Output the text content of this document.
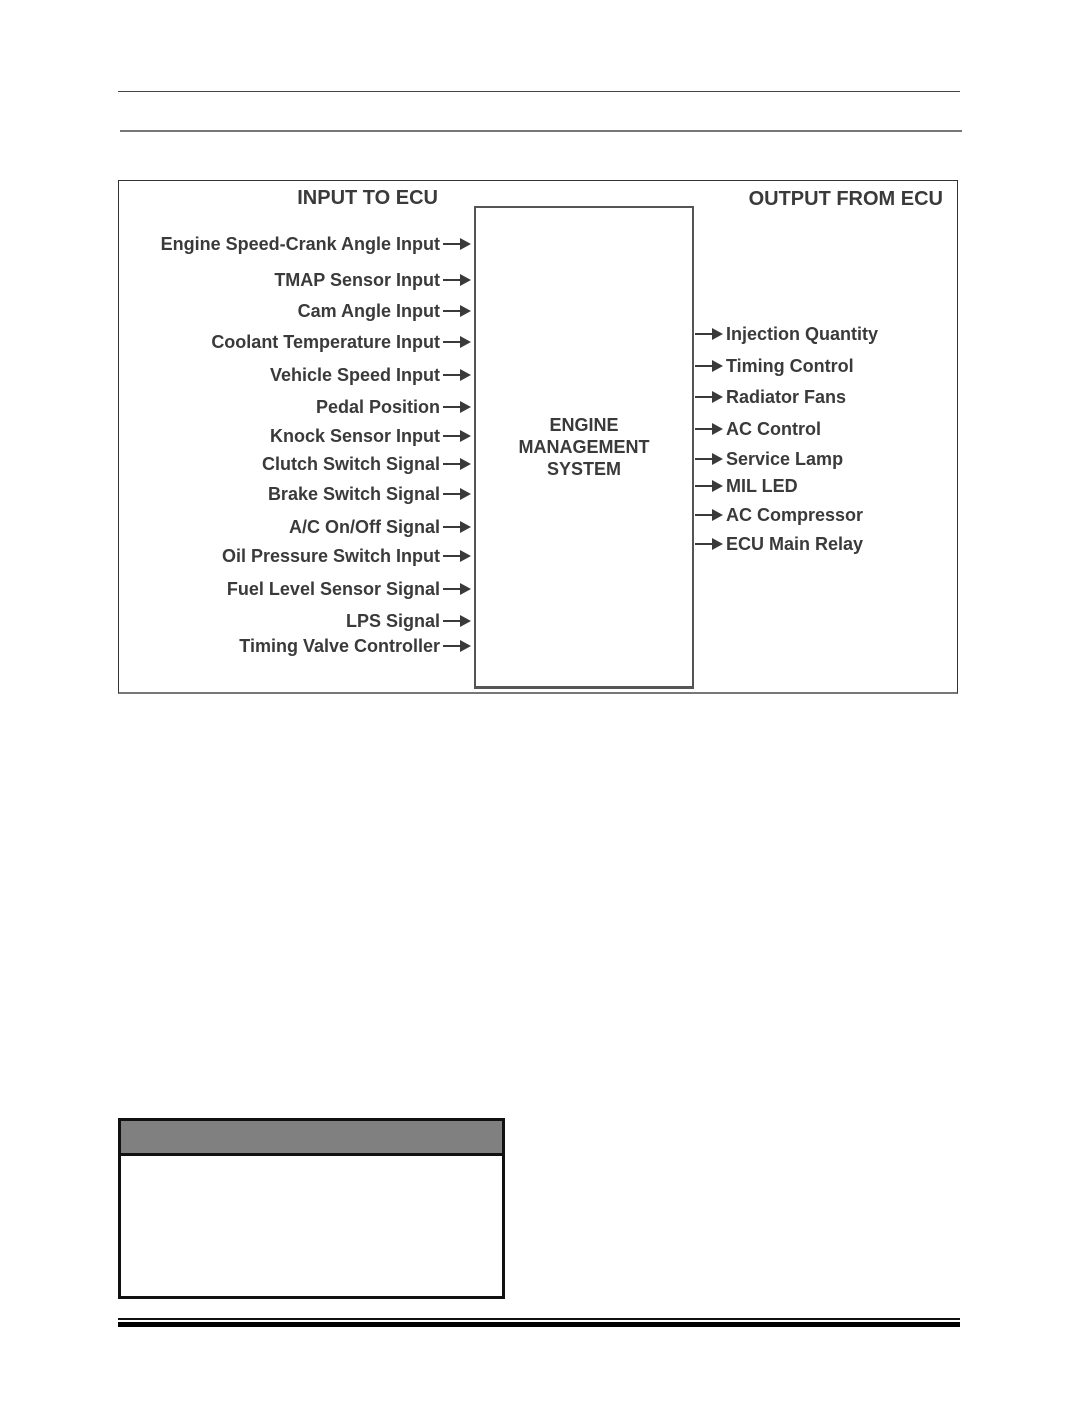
INPUT TO ECU	OUTPUT FROM ECU
ENGINE
MANAGEMENT
SYSTEM
Engine Speed-Crank Angle Input
TMAP Sensor Input
Cam Angle Input
Coolant Temperature Input
Vehicle Speed Input
Pedal Position
Knock Sensor Input
Clutch Switch Signal
Brake Switch Signal
A/C On/Off Signal
Oil Pressure Switch Input
Fuel Level Sensor Signal
LPS Signal
Timing Valve Controller
Injection Quantity
Timing Control
Radiator Fans
AC Control
Service Lamp
MIL LED
AC Compressor
ECU Main Relay
